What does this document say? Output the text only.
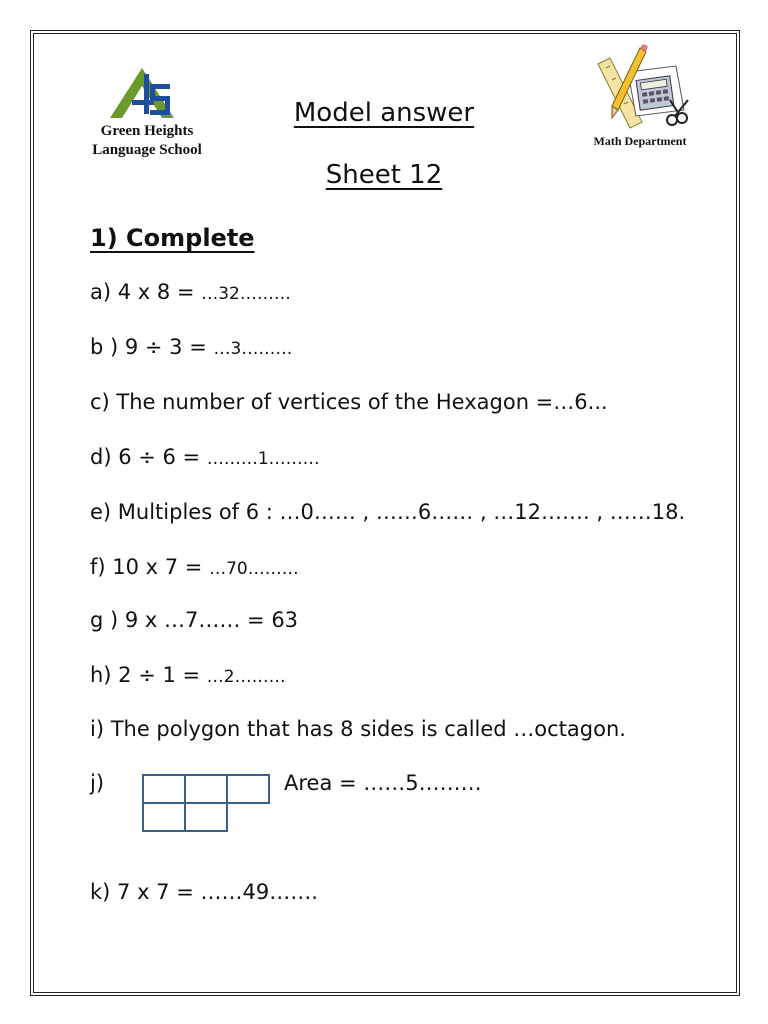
Green Heights
Language School
Math Department
Model answer
Sheet 12
1) Complete
a) 4 x 8 = …32………
b ) 9 ÷ 3 = …3………
c) The number of vertices of the Hexagon =…6...
d) 6 ÷ 6 = ………1………
e) Multiples of 6 : …0…… , ……6…… , …12……. , ……18.
f) 10 x 7 = …70………
g ) 9 x …7…… = 63
h) 2 ÷ 1 = …2………
i) The polygon that has 8 sides is called …octagon.
j)	Area = ……5………
k) 7 x 7 = ……49…….
